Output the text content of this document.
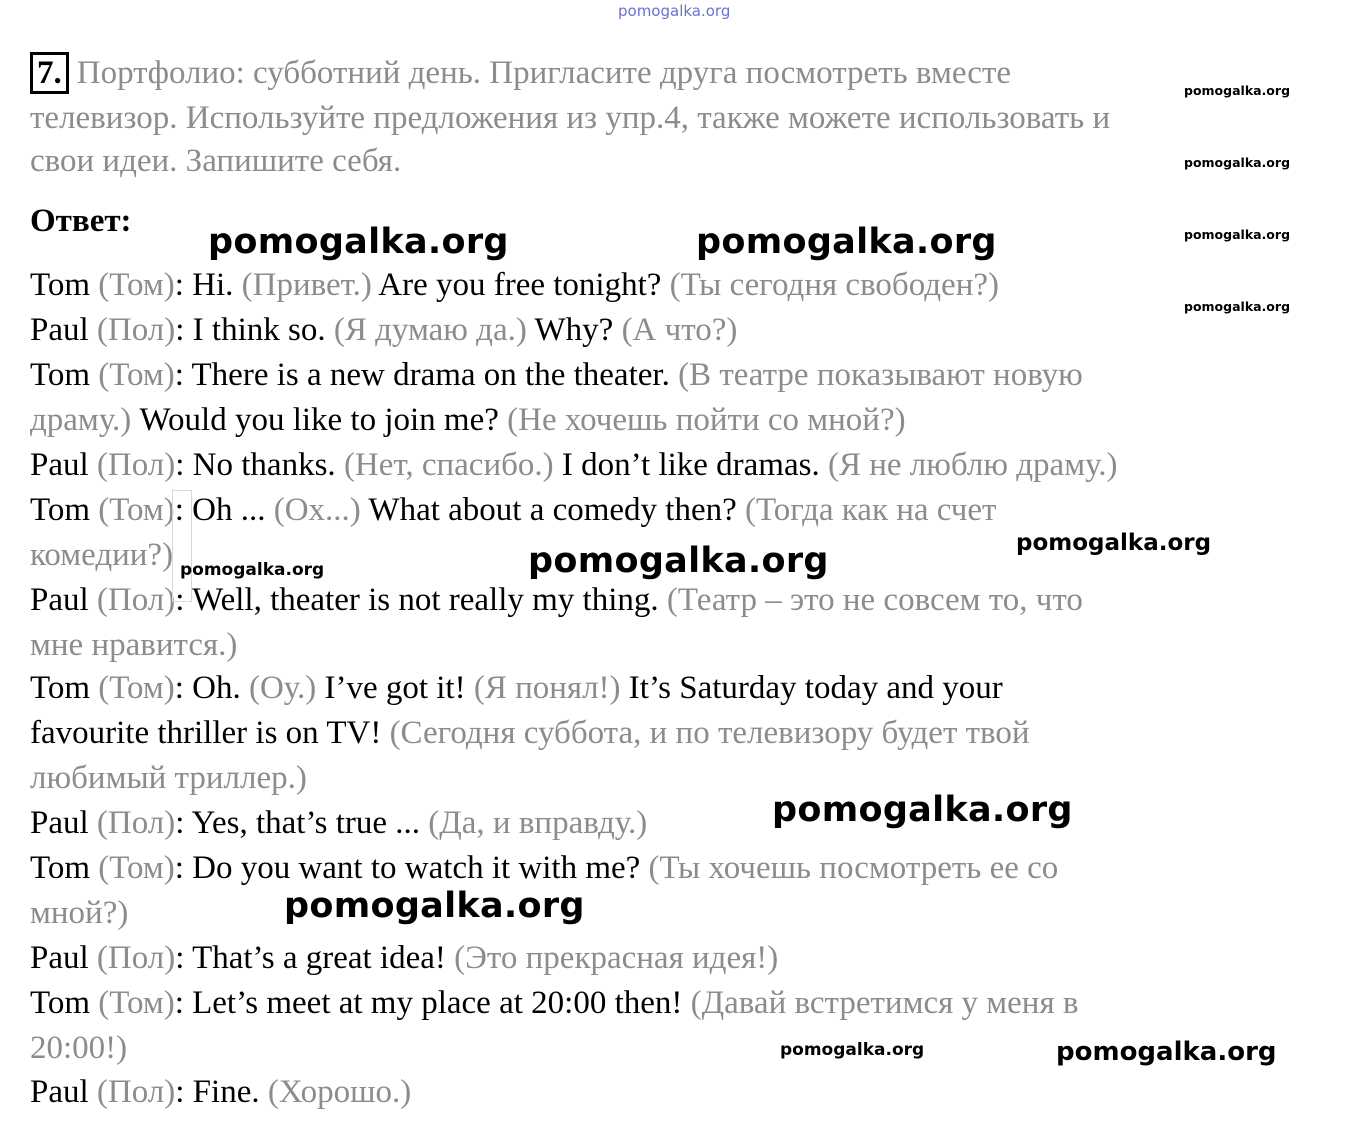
pomogalka.org

7. Портфолио: субботний день. Пригласите друга посмотреть вместе

телевизор. Используйте предложения из упр.4, также можете использовать и

свои идеи. Запишите себя.

Ответ:

Tom (Том): Hi. (Привет.) Are you free tonight? (Ты сегодня свободен?)

Paul (Пол): I think so. (Я думаю да.) Why? (А что?)

Tom (Том): There is a new drama on the theater. (В театре показывают новую

драму.) Would you like to join me? (Не хочешь пойти со мной?)

Paul (Пол): No thanks. (Нет, спасибо.) I don’t like dramas. (Я не люблю драму.)

Tom (Том): Oh ... (Ох...) What about a comedy then? (Тогда как на счет

комедии?)

Paul (Пол): Well, theater is not really my thing. (Театр – это не совсем то, что

мне нравится.)

Tom (Том): Oh. (Оу.) I’ve got it! (Я понял!) It’s Saturday today and your

favourite thriller is on TV! (Сегодня суббота, и по телевизору будет твой

любимый триллер.)

Paul (Пол): Yes, that’s true ... (Да, и вправду.)

Tom (Том): Do you want to watch it with me? (Ты хочешь посмотреть ее со

мной?)

Paul (Пол): That’s a great idea! (Это прекрасная идея!)

Tom (Том): Let’s meet at my place at 20:00 then! (Давай встретимся у меня в

20:00!)

Paul (Пол): Fine. (Хорошо.)

pomogalka.org

pomogalka.org

pomogalka.org

pomogalka.org

pomogalka.org	pomogalka.org

pomogalka.org

pomogalka.org	pomogalka.org

pomogalka.org

pomogalka.org

pomogalka.org	pomogalka.org
